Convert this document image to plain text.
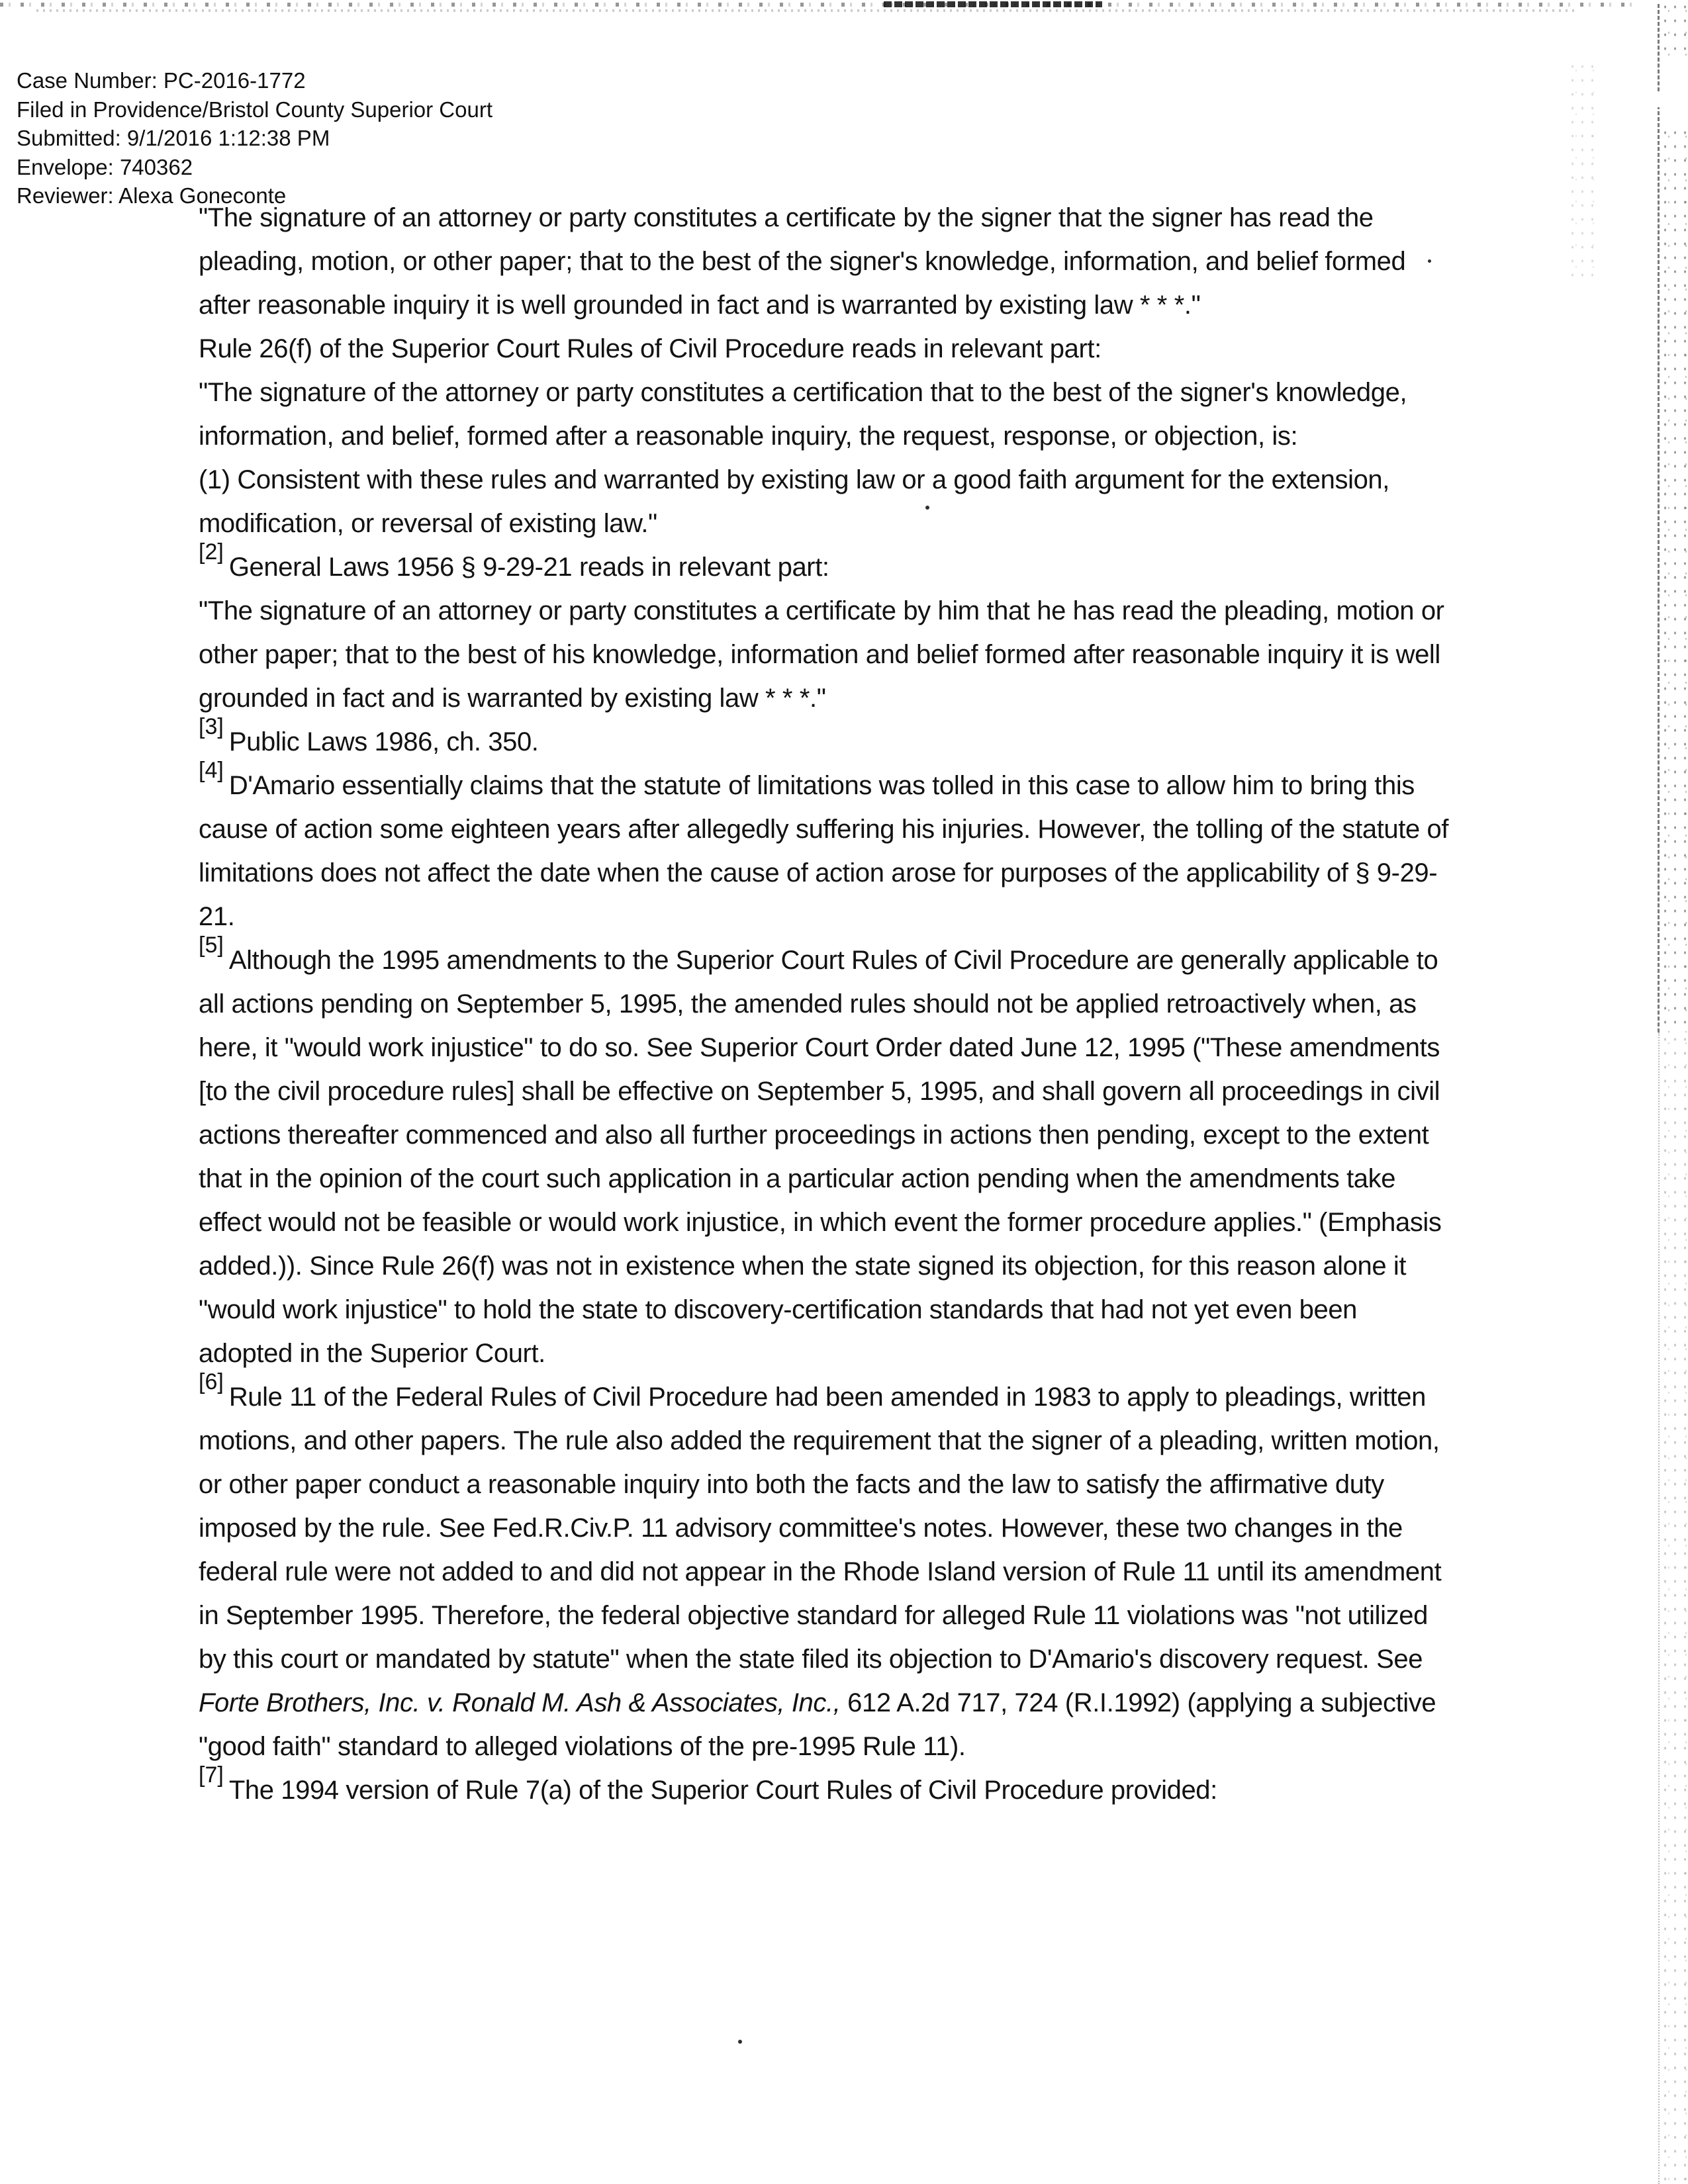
Case Number: PC-2016-1772
Filed in Providence/Bristol County Superior Court
Submitted: 9/1/2016 1:12:38 PM
Envelope: 740362
Reviewer: Alexa Goneconte
"The signature of an attorney or party constitutes a certificate by the signer that the signer has read the pleading, motion, or other paper; that to the best of the signer's knowledge, information, and belief formed after reasonable inquiry it is well grounded in fact and is warranted by existing law * * *."
Rule 26(f) of the Superior Court Rules of Civil Procedure reads in relevant part:
"The signature of the attorney or party constitutes a certification that to the best of the signer's knowledge, information, and belief, formed after a reasonable inquiry, the request, response, or objection, is:
(1) Consistent with these rules and warranted by existing law or a good faith argument for the extension, modification, or reversal of existing law."
[2]General Laws 1956 § 9-29-21 reads in relevant part:
"The signature of an attorney or party constitutes a certificate by him that he has read the pleading, motion or other paper; that to the best of his knowledge, information and belief formed after reasonable inquiry it is well grounded in fact and is warranted by existing law * * *."
[3]Public Laws 1986, ch. 350.
[4]D'Amario essentially claims that the statute of limitations was tolled in this case to allow him to bring this cause of action some eighteen years after allegedly suffering his injuries. However, the tolling of the statute of limitations does not affect the date when the cause of action arose for purposes of the applicability of § 9-29-21.
[5]Although the 1995 amendments to the Superior Court Rules of Civil Procedure are generally applicable to all actions pending on September 5, 1995, the amended rules should not be applied retroactively when, as here, it "would work injustice" to do so. See Superior Court Order dated June 12, 1995 ("These amendments [to the civil procedure rules] shall be effective on September 5, 1995, and shall govern all proceedings in civil actions thereafter commenced and also all further proceedings in actions then pending, except to the extent that in the opinion of the court such application in a particular action pending when the amendments take effect would not be feasible or would work injustice, in which event the former procedure applies." (Emphasis added.)). Since Rule 26(f) was not in existence when the state signed its objection, for this reason alone it "would work injustice" to hold the state to discovery-certification standards that had not yet even been adopted in the Superior Court.
[6]Rule 11 of the Federal Rules of Civil Procedure had been amended in 1983 to apply to pleadings, written motions, and other papers. The rule also added the requirement that the signer of a pleading, written motion, or other paper conduct a reasonable inquiry into both the facts and the law to satisfy the affirmative duty imposed by the rule. See Fed.R.Civ.P. 11 advisory committee's notes. However, these two changes in the federal rule were not added to and did not appear in the Rhode Island version of Rule 11 until its amendment in September 1995. Therefore, the federal objective standard for alleged Rule 11 violations was "not utilized by this court or mandated by statute" when the state filed its objection to D'Amario's discovery request. See Forte Brothers, Inc. v. Ronald M. Ash & Associates, Inc., 612 A.2d 717, 724 (R.I.1992) (applying a subjective "good faith" standard to alleged violations of the pre-1995 Rule 11).
[7]The 1994 version of Rule 7(a) of the Superior Court Rules of Civil Procedure provided:
